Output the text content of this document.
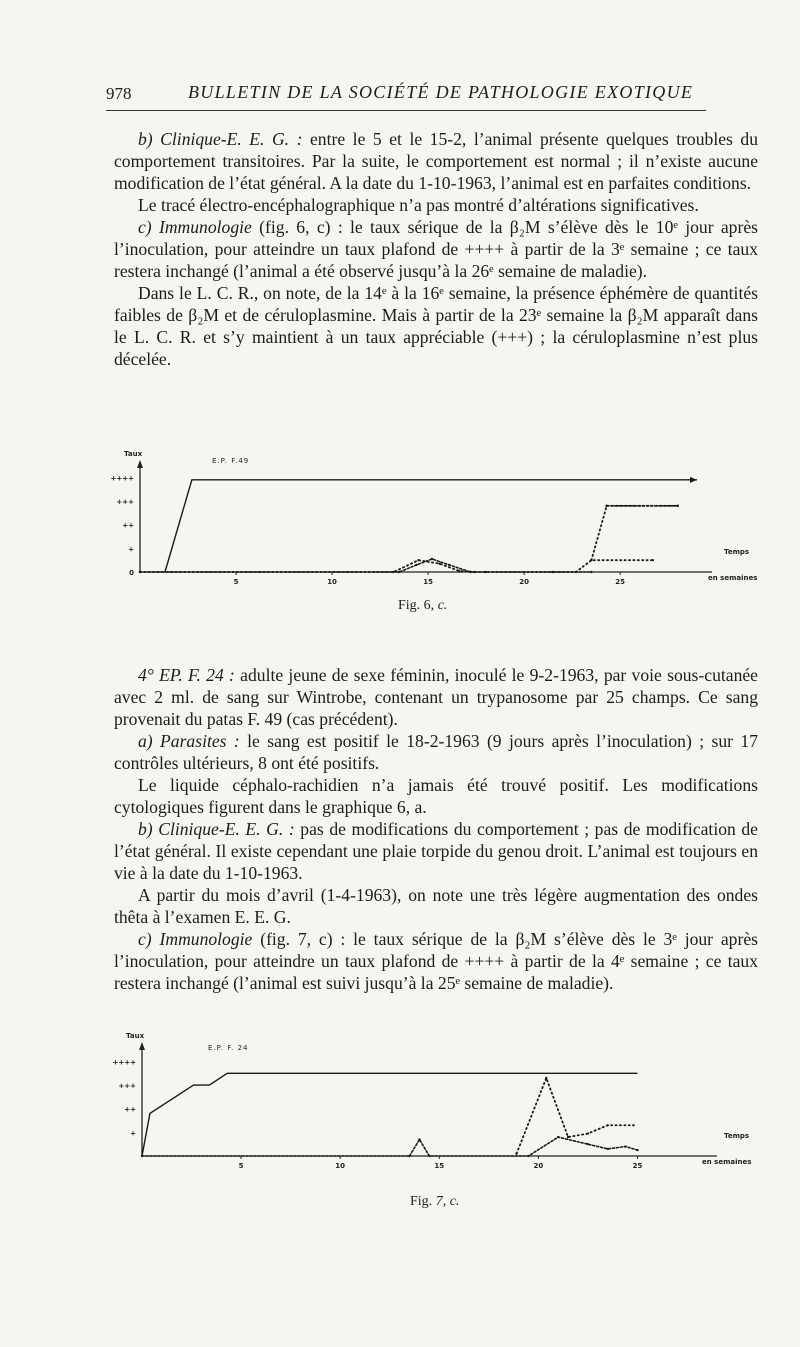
978	BULLETIN DE LA SOCIÉTÉ DE PATHOLOGIE EXOTIQUE

b) Clinique-E. E. G. : entre le 5 et le 15-2, l’animal présente quelques troubles du comportement transitoires. Par la suite, le comportement est normal ; il n’existe aucune modification de l’état général. A la date du 1-10-1963, l’animal est en parfaites conditions.

Le tracé électro-encéphalographique n’a pas montré d’altérations significatives.

c) Immunologie (fig. 6, c) : le taux sérique de la β₂M s’élève dès le 10ᵉ jour après l’inoculation, pour atteindre un taux plafond de ++++ à partir de la 3ᵉ semaine ; ce taux restera inchangé (l’animal a été observé jusqu’à la 26ᵉ semaine de maladie).

Dans le L. C. R., on note, de la 14ᵉ à la 16ᵉ semaine, la présence éphémère de quantités faibles de β₂M et de céruloplasmine. Mais à partir de la 23ᵉ semaine la β₂M apparaît dans le L. C. R. et s’y maintient à un taux appréciable (+++) ; la céruloplasmine n’est plus décelée.

Taux
E.P. F.49
Temps
en semaines
0
+
++
+++
++++
5	10	15	20	25
Fig. 6, c.

4° EP. F. 24 : adulte jeune de sexe féminin, inoculé le 9-2-1963, par voie sous-cutanée avec 2 ml. de sang sur Wintrobe, contenant un trypanosome par 25 champs. Ce sang provenait du patas F. 49 (cas précédent).

a) Parasites : le sang est positif le 18-2-1963 (9 jours après l’inoculation) ; sur 17 contrôles ultérieurs, 8 ont été positifs.

Le liquide céphalo-rachidien n’a jamais été trouvé positif. Les modifications cytologiques figurent dans le graphique 6, a.

b) Clinique-E. E. G. : pas de modifications du comportement ; pas de modification de l’état général. Il existe cependant une plaie torpide du genou droit. L’animal est toujours en vie à la date du 1-10-1963.

A partir du mois d’avril (1-4-1963), on note une très légère augmentation des ondes thêta à l’examen E. E. G.

c) Immunologie (fig. 7, c) : le taux sérique de la β₂M s’élève dès le 3ᵉ jour après l’inoculation, pour atteindre un taux plafond de ++++ à partir de la 4ᵉ semaine ; ce taux restera inchangé (l’animal est suivi jusqu’à la 25ᵉ semaine de maladie).

Taux
E.P. F. 24
Temps
en semaines
+
++
+++
++++
5	10	15	20	25
Fig. 7, c.
